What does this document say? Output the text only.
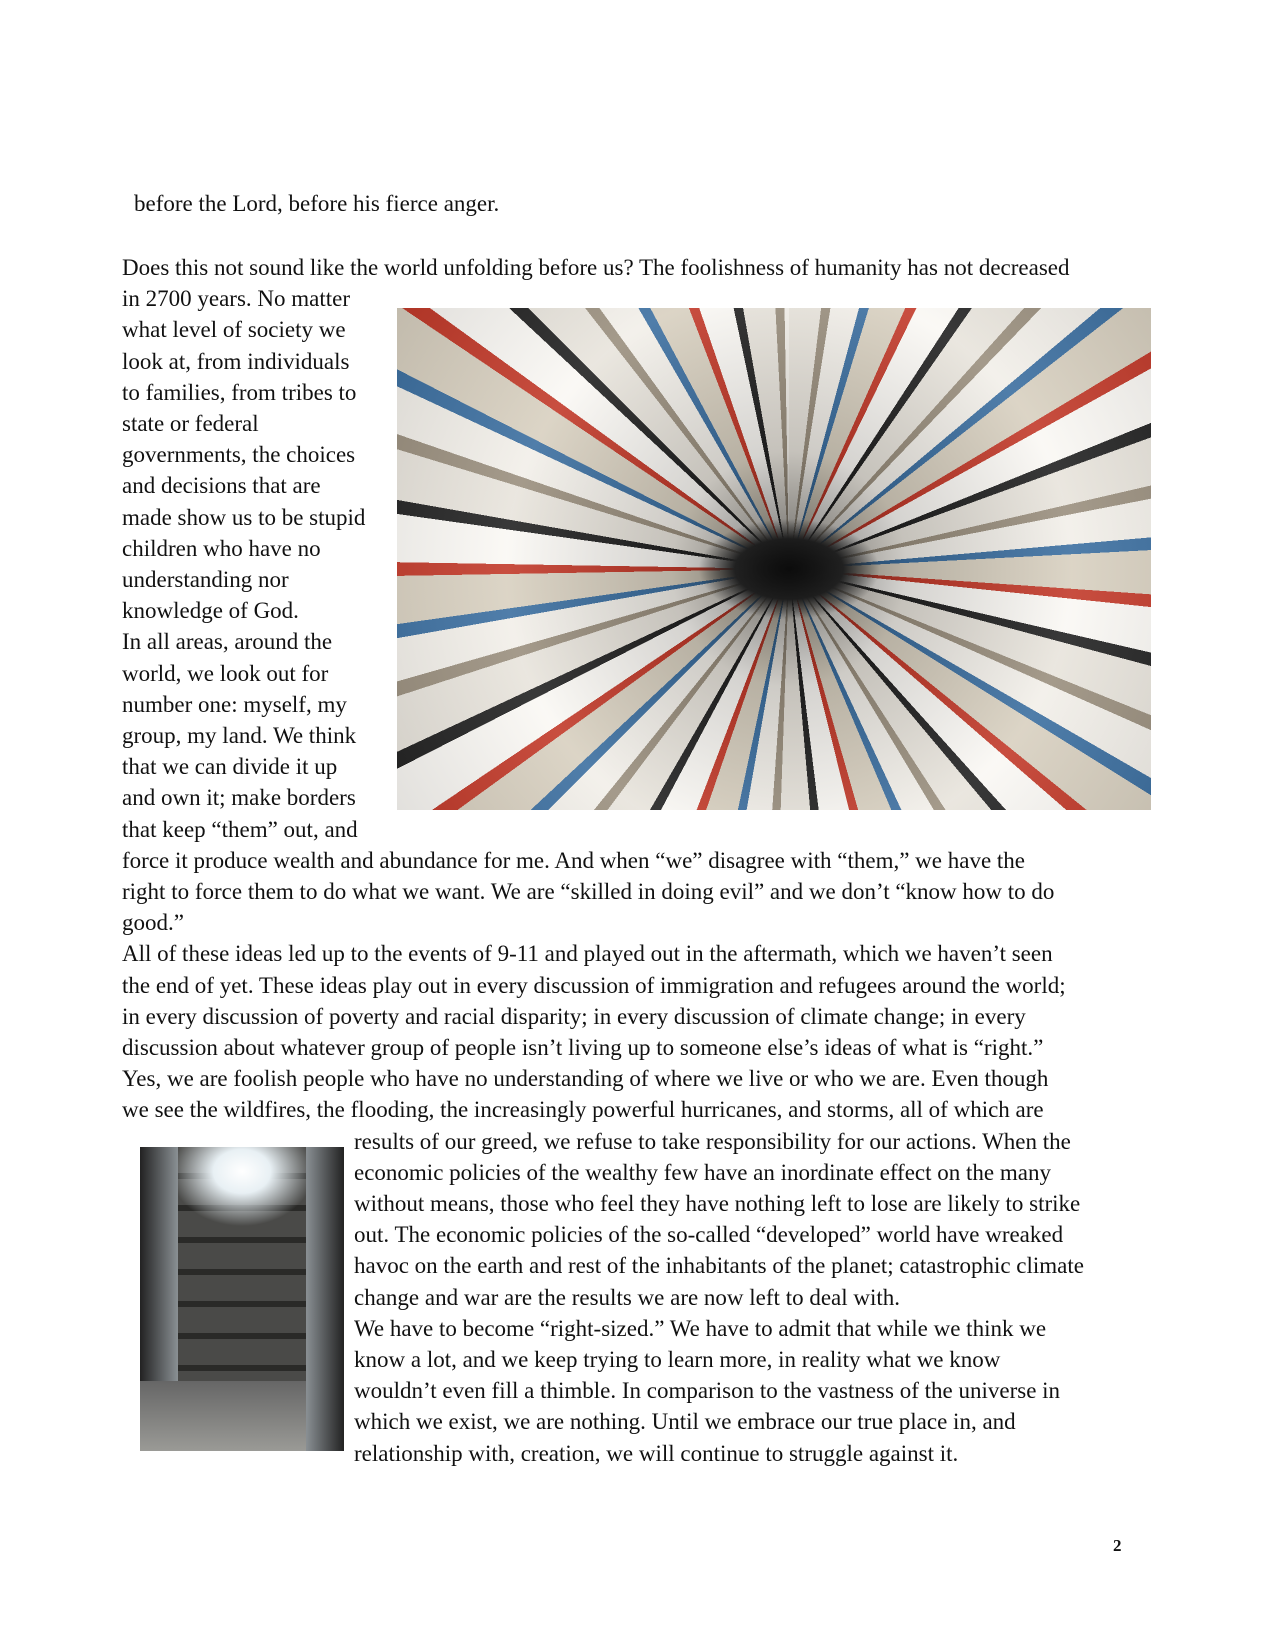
before the Lord, before his fierce anger.
Does this not sound like the world unfolding before us? The foolishness of humanity has not decreased
in 2700 years. No matter
what level of society we
look at, from individuals
to families, from tribes to
state or federal
governments, the choices
and decisions that are
made show us to be stupid
children who have no
understanding nor
knowledge of God.
In all areas, around the
world, we look out for
number one: myself, my
group, my land. We think
that we can divide it up
and own it; make borders
that keep “them” out, and
force it produce wealth and abundance for me. And when “we” disagree with “them,” we have the
right to force them to do what we want. We are “skilled in doing evil” and we don’t “know how to do
good.”
All of these ideas led up to the events of 9-11 and played out in the aftermath, which we haven’t seen
the end of yet. These ideas play out in every discussion of immigration and refugees around the world;
in every discussion of poverty and racial disparity; in every discussion of climate change; in every
discussion about whatever group of people isn’t living up to someone else’s ideas of what is “right.”
Yes, we are foolish people who have no understanding of where we live or who we are. Even though
we see the wildfires, the flooding, the increasingly powerful hurricanes, and storms, all of which are
results of our greed, we refuse to take responsibility for our actions. When the
economic policies of the wealthy few have an inordinate effect on the many
without means, those who feel they have nothing left to lose are likely to strike
out. The economic policies of the so-called “developed” world have wreaked
havoc on the earth and rest of the inhabitants of the planet; catastrophic climate
change and war are the results we are now left to deal with.
We have to become “right-sized.” We have to admit that while we think we
know a lot, and we keep trying to learn more, in reality what we know
wouldn’t even fill a thimble. In comparison to the vastness of the universe in
which we exist, we are nothing. Until we embrace our true place in, and
relationship with, creation, we will continue to struggle against it.
2
